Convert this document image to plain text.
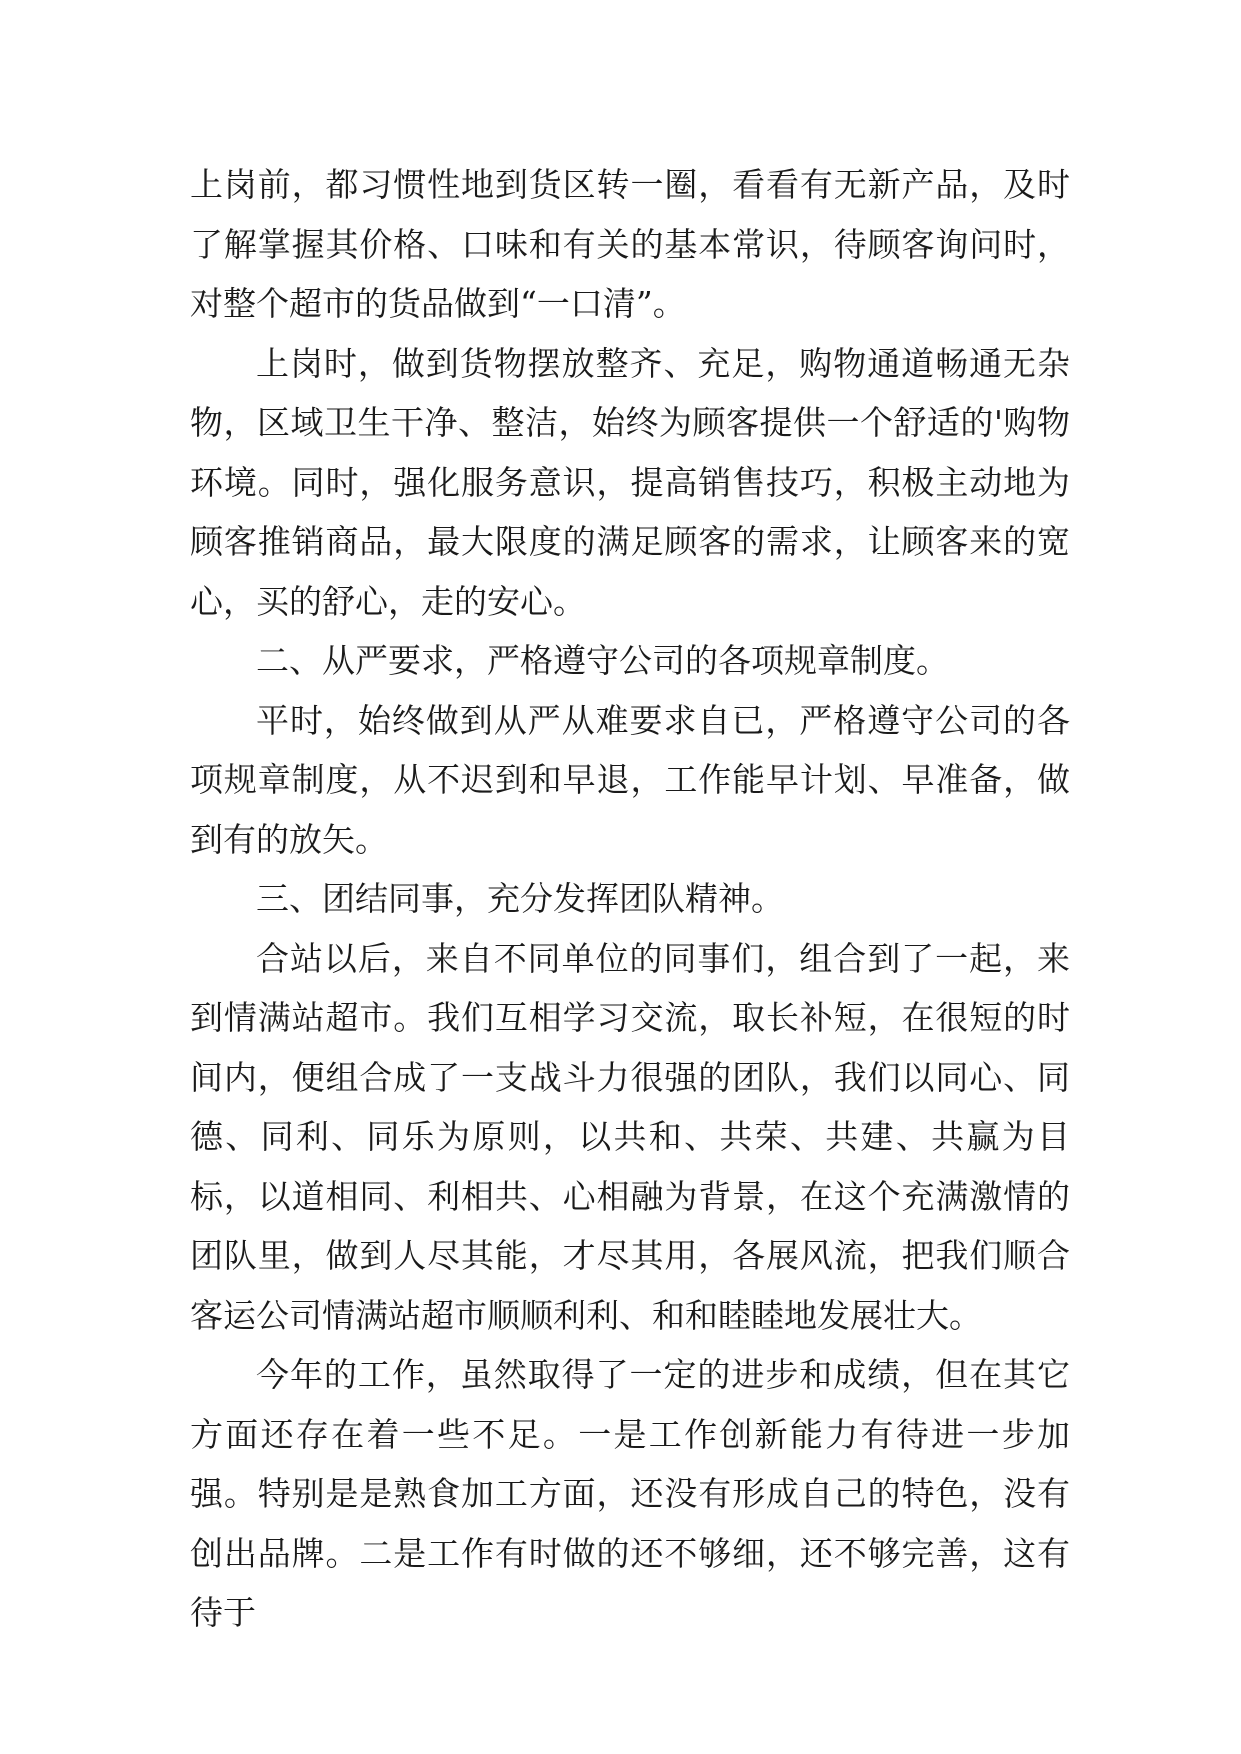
上岗前，都习惯性地到货区转一圈，看看有无新产品，及时了解掌握其价格、口味和有关的基本常识，待顾客询问时，对整个超市的货品做到“一口清”。

上岗时，做到货物摆放整齐、充足，购物通道畅通无杂物，区域卫生干净、整洁，始终为顾客提供一个舒适的'购物环境。同时，强化服务意识，提高销售技巧，积极主动地为顾客推销商品，最大限度的满足顾客的需求，让顾客来的宽心，买的舒心，走的安心。

二、从严要求，严格遵守公司的各项规章制度。

平时，始终做到从严从难要求自已，严格遵守公司的各项规章制度，从不迟到和早退，工作能早计划、早准备，做到有的放矢。

三、团结同事，充分发挥团队精神。

合站以后，来自不同单位的同事们，组合到了一起，来到情满站超市。我们互相学习交流，取长补短，在很短的时间内，便组合成了一支战斗力很强的团队，我们以同心、同德、同利、同乐为原则，以共和、共荣、共建、共赢为目标，以道相同、利相共、心相融为背景，在这个充满激情的团队里，做到人尽其能，才尽其用，各展风流，把我们顺合客运公司情满站超市顺顺利利、和和睦睦地发展壮大。

今年的工作，虽然取得了一定的进步和成绩，但在其它方面还存在着一些不足。一是工作创新能力有待进一步加强。特别是是熟食加工方面，还没有形成自己的特色，没有创出品牌。二是工作有时做的还不够细，还不够完善，这有待于
